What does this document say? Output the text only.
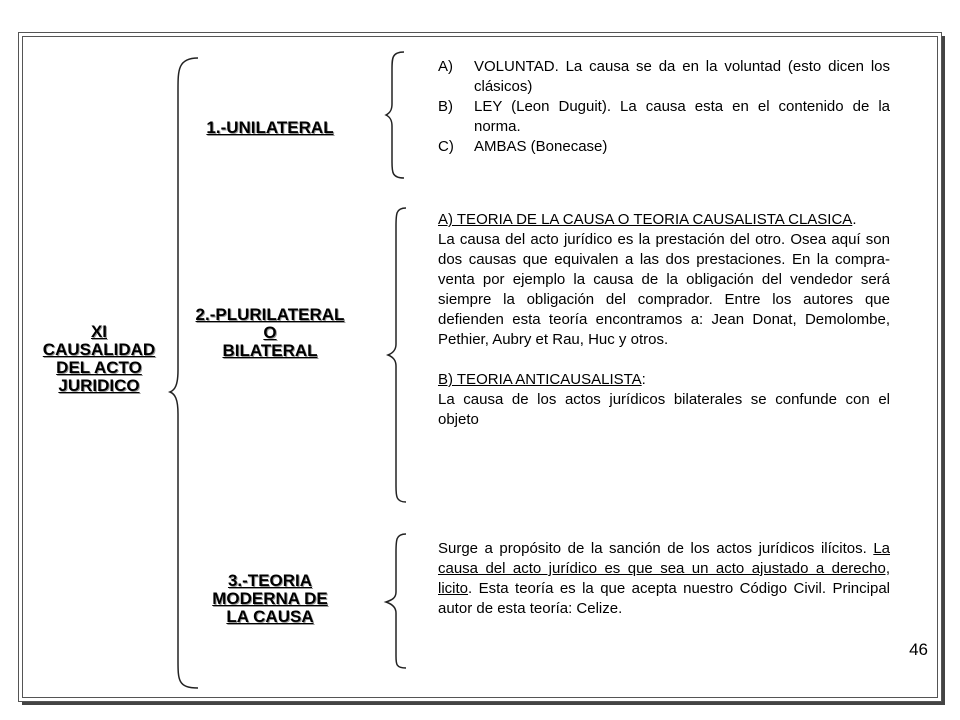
XI
CAUSALIDAD
DEL ACTO
JURIDICO
1.-UNILATERAL
2.-PLURILATERAL
O
BILATERAL
3.-TEORIA
MODERNA DE
LA CAUSA
A)	VOLUNTAD. La causa se da en la voluntad (esto dicen los clásicos)
B)	LEY (Leon Duguit). La causa esta en el contenido de la norma.
C)	AMBAS (Bonecase)

A) TEORIA DE LA CAUSA O TEORIA CAUSALISTA CLASICA.

La causa del acto jurídico es la prestación del otro. Osea aquí son dos causas que equivalen a las dos prestaciones. En la compra-venta por ejemplo la causa de la obligación del vendedor será siempre la obligación del comprador. Entre los autores que defienden esta teoría encontramos a: Jean Donat, Demolombe, Pethier, Aubry et Rau, Huc y otros.

B) TEORIA ANTICAUSALISTA:

La causa de los actos jurídicos bilaterales se confunde con el objeto

Surge a propósito de la sanción de los actos jurídicos ilícitos. La causa del acto jurídico es que sea un acto ajustado a derecho, licito. Esta teoría es la que acepta nuestro Código Civil. Principal autor de esta teoría: Celize.

46
